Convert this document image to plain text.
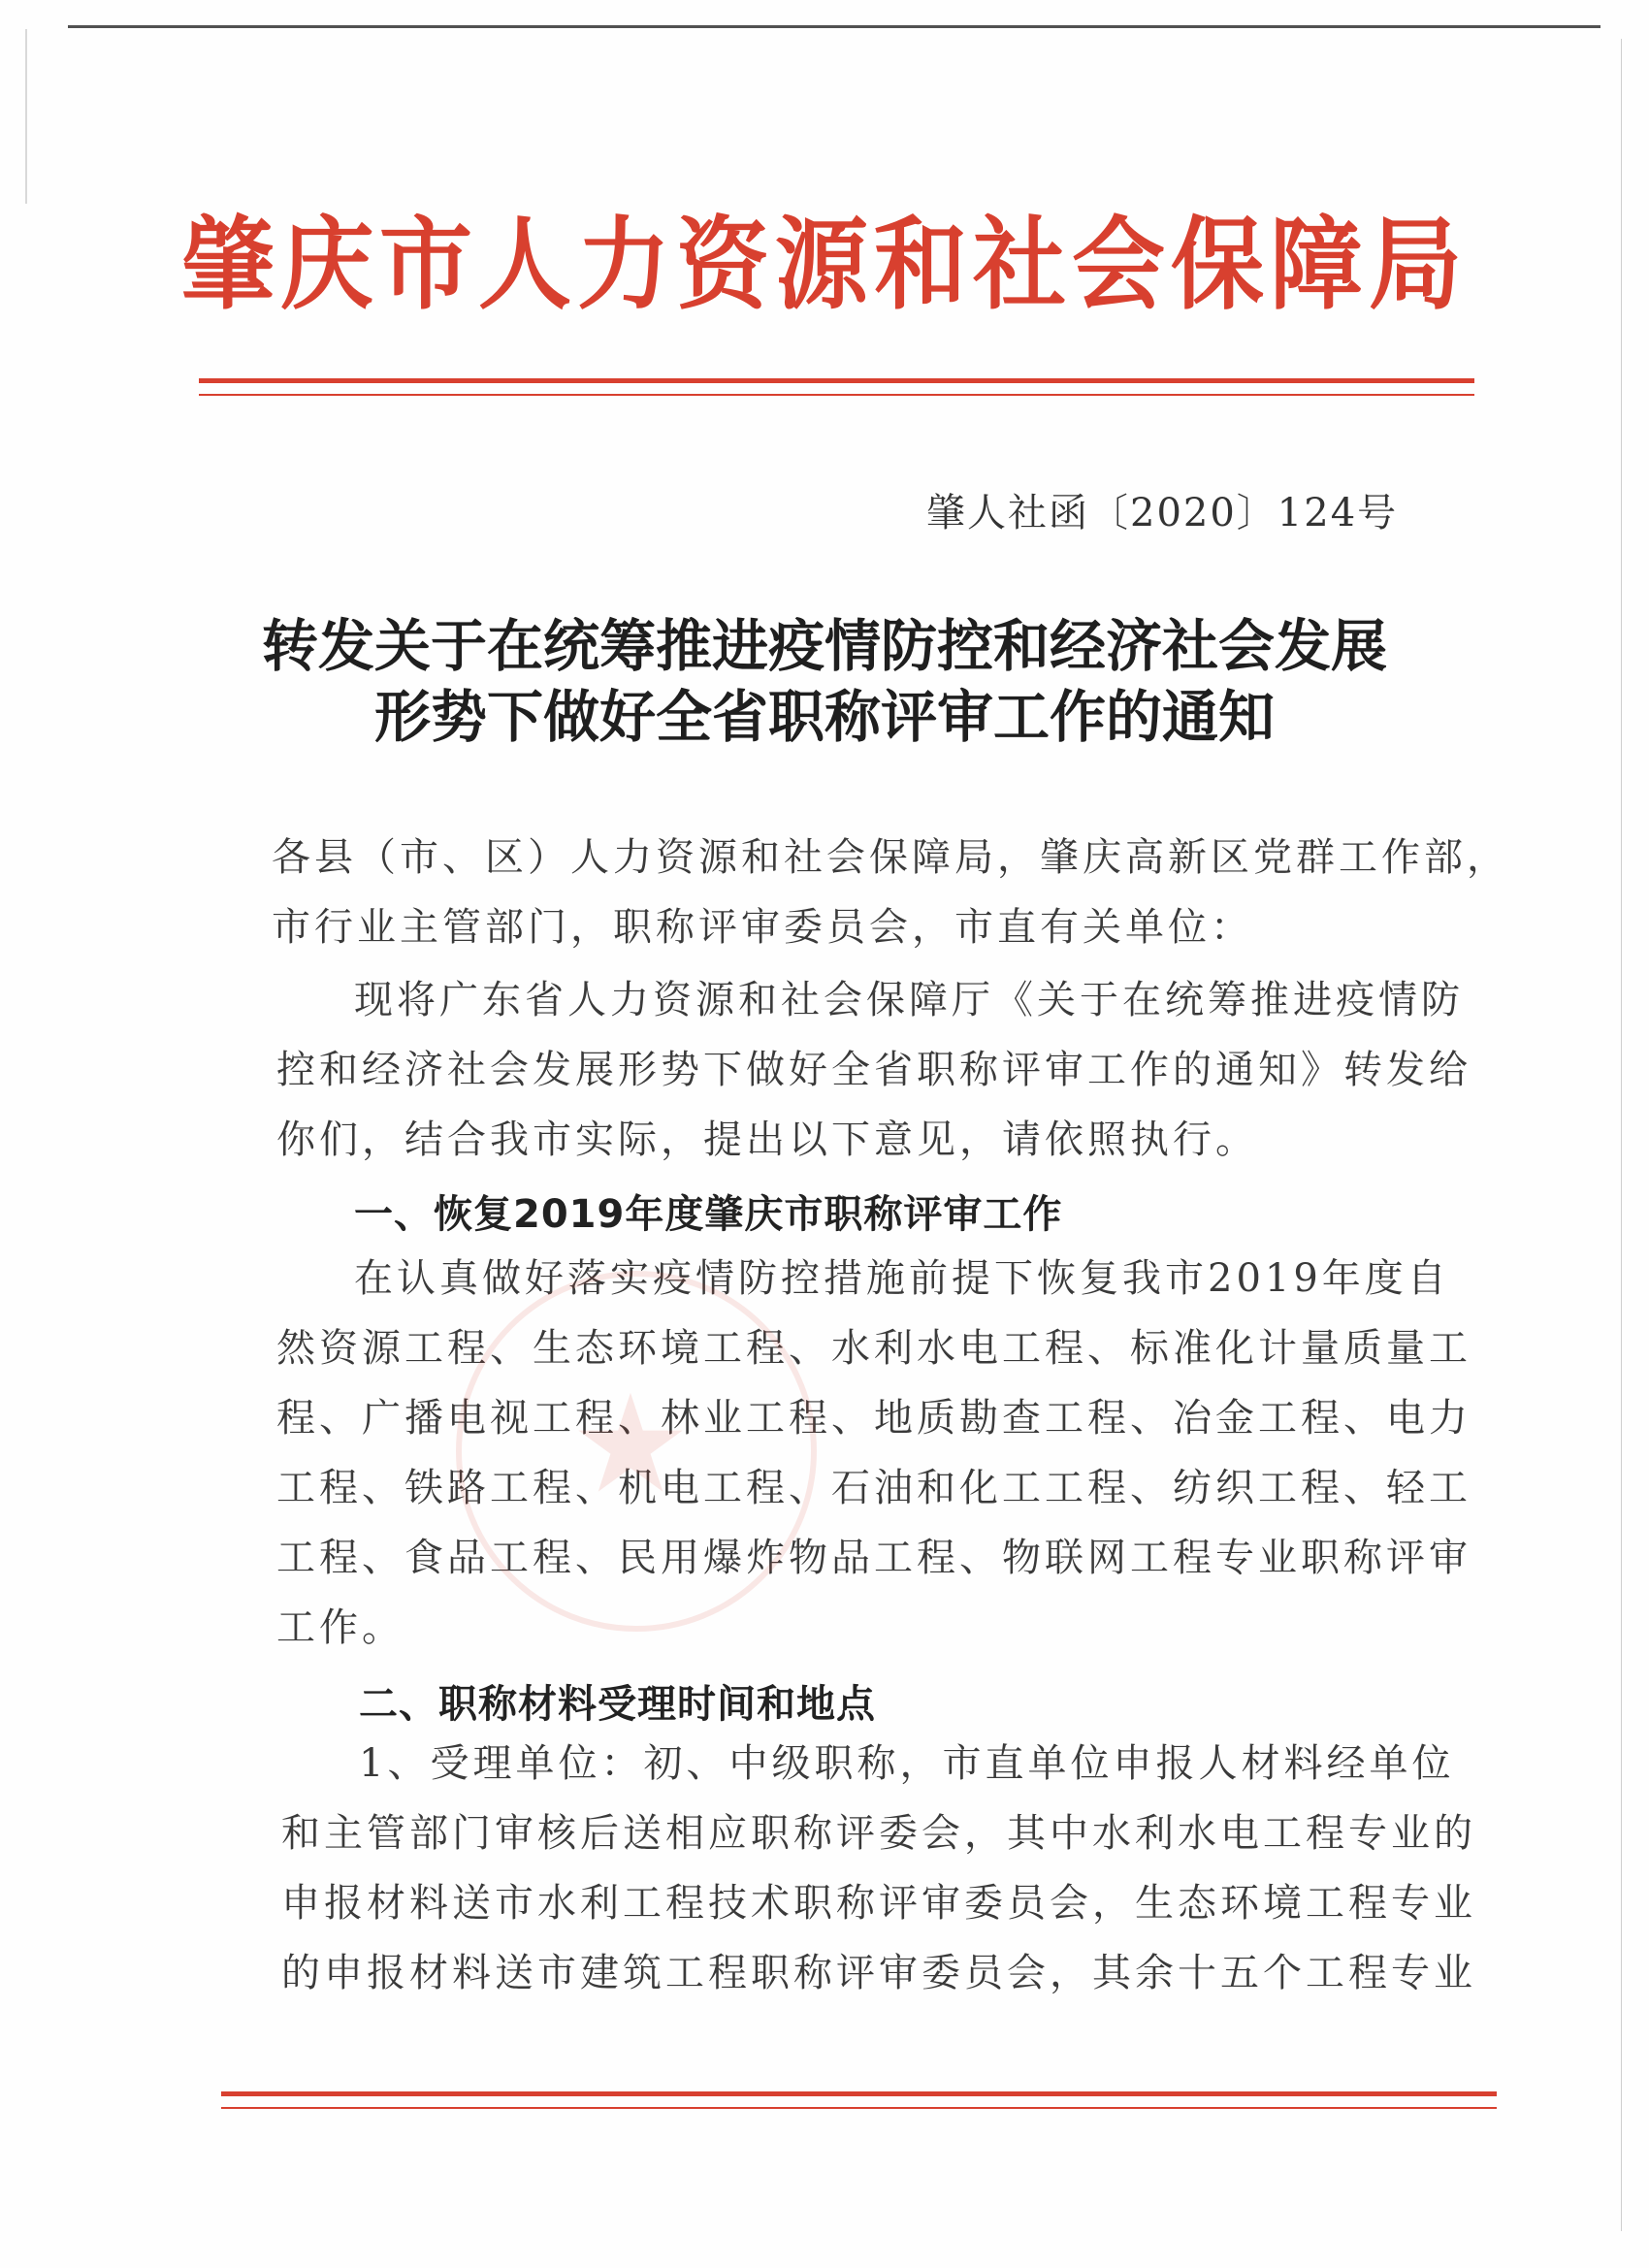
肇庆市人力资源和社会保障局
肇人社函〔2020〕124号
转发关于在统筹推进疫情防控和经济社会发展
形势下做好全省职称评审工作的通知
各县（市、区）人力资源和社会保障局，肇庆高新区党群工作部，
市行业主管部门，职称评审委员会，市直有关单位：
现将广东省人力资源和社会保障厅《关于在统筹推进疫情防
控和经济社会发展形势下做好全省职称评审工作的通知》转发给
你们，结合我市实际，提出以下意见，请依照执行。
一、恢复2019年度肇庆市职称评审工作
在认真做好落实疫情防控措施前提下恢复我市2019年度自
然资源工程、生态环境工程、水利水电工程、标准化计量质量工
程、广播电视工程、林业工程、地质勘查工程、冶金工程、电力
工程、铁路工程、机电工程、石油和化工工程、纺织工程、轻工
工程、食品工程、民用爆炸物品工程、物联网工程专业职称评审
工作。
二、职称材料受理时间和地点
1、受理单位：初、中级职称，市直单位申报人材料经单位
和主管部门审核后送相应职称评委会，其中水利水电工程专业的
申报材料送市水利工程技术职称评审委员会，生态环境工程专业
的申报材料送市建筑工程职称评审委员会，其余十五个工程专业
★
